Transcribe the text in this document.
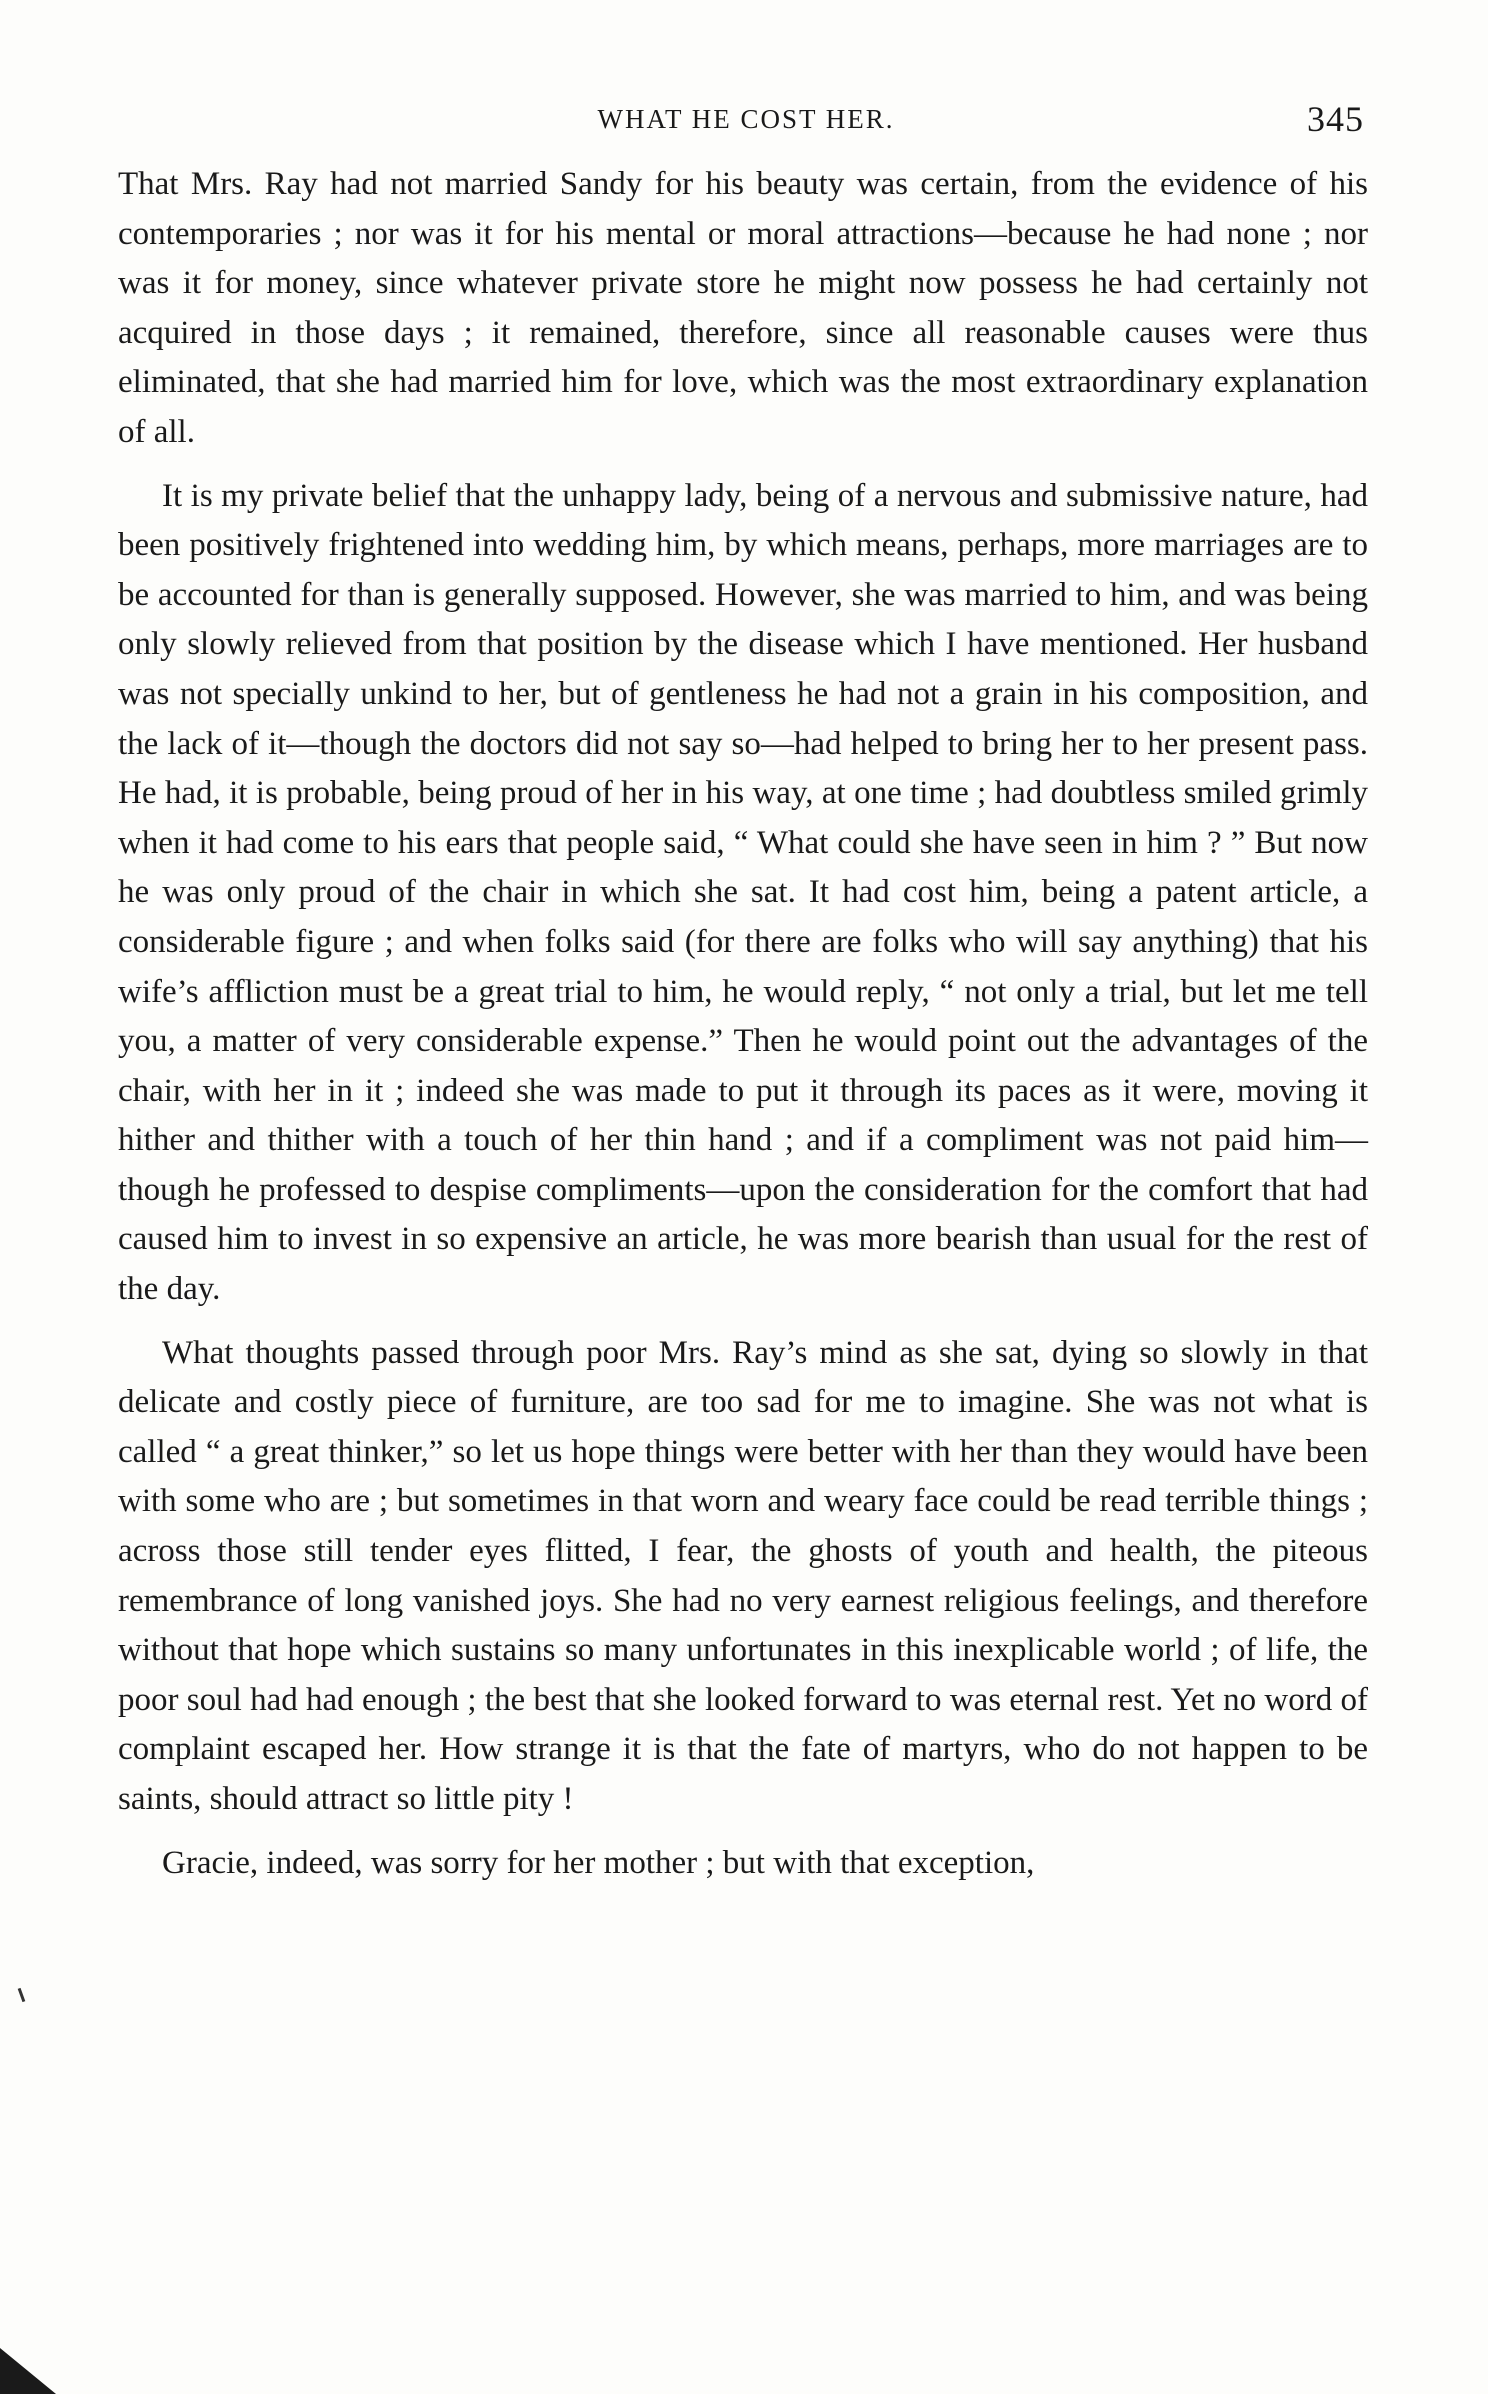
WHAT HE COST HER.	345

That Mrs. Ray had not married Sandy for his beauty was certain, from the evidence of his contemporaries ; nor was it for his mental or moral attractions—because he had none ; nor was it for money, since whatever private store he might now possess he had certainly not acquired in those days ; it remained, therefore, since all reasonable causes were thus eliminated, that she had married him for love, which was the most extraordinary explanation of all.

It is my private belief that the unhappy lady, being of a nervous and submissive nature, had been positively frightened into wedding him, by which means, perhaps, more marriages are to be accounted for than is generally supposed. However, she was married to him, and was being only slowly relieved from that position by the disease which I have mentioned. Her husband was not specially unkind to her, but of gentleness he had not a grain in his composition, and the lack of it—though the doctors did not say so—had helped to bring her to her present pass. He had, it is probable, being proud of her in his way, at one time ; had doubtless smiled grimly when it had come to his ears that people said, “ What could she have seen in him ? ” But now he was only proud of the chair in which she sat. It had cost him, being a patent article, a considerable figure ; and when folks said (for there are folks who will say anything) that his wife’s affliction must be a great trial to him, he would reply, “ not only a trial, but let me tell you, a matter of very considerable expense.” Then he would point out the advantages of the chair, with her in it ; indeed she was made to put it through its paces as it were, moving it hither and thither with a touch of her thin hand ; and if a compliment was not paid him—though he professed to despise compliments—upon the consideration for the comfort that had caused him to invest in so expensive an article, he was more bearish than usual for the rest of the day.

What thoughts passed through poor Mrs. Ray’s mind as she sat, dying so slowly in that delicate and costly piece of furniture, are too sad for me to imagine. She was not what is called “ a great thinker,” so let us hope things were better with her than they would have been with some who are ; but sometimes in that worn and weary face could be read terrible things ; across those still tender eyes flitted, I fear, the ghosts of youth and health, the piteous remembrance of long vanished joys. She had no very earnest religious feelings, and therefore without that hope which sustains so many unfortunates in this inexplicable world ; of life, the poor soul had had enough ; the best that she looked forward to was eternal rest. Yet no word of complaint escaped her. How strange it is that the fate of martyrs, who do not happen to be saints, should attract so little pity !

Gracie, indeed, was sorry for her mother ; but with that exception,
